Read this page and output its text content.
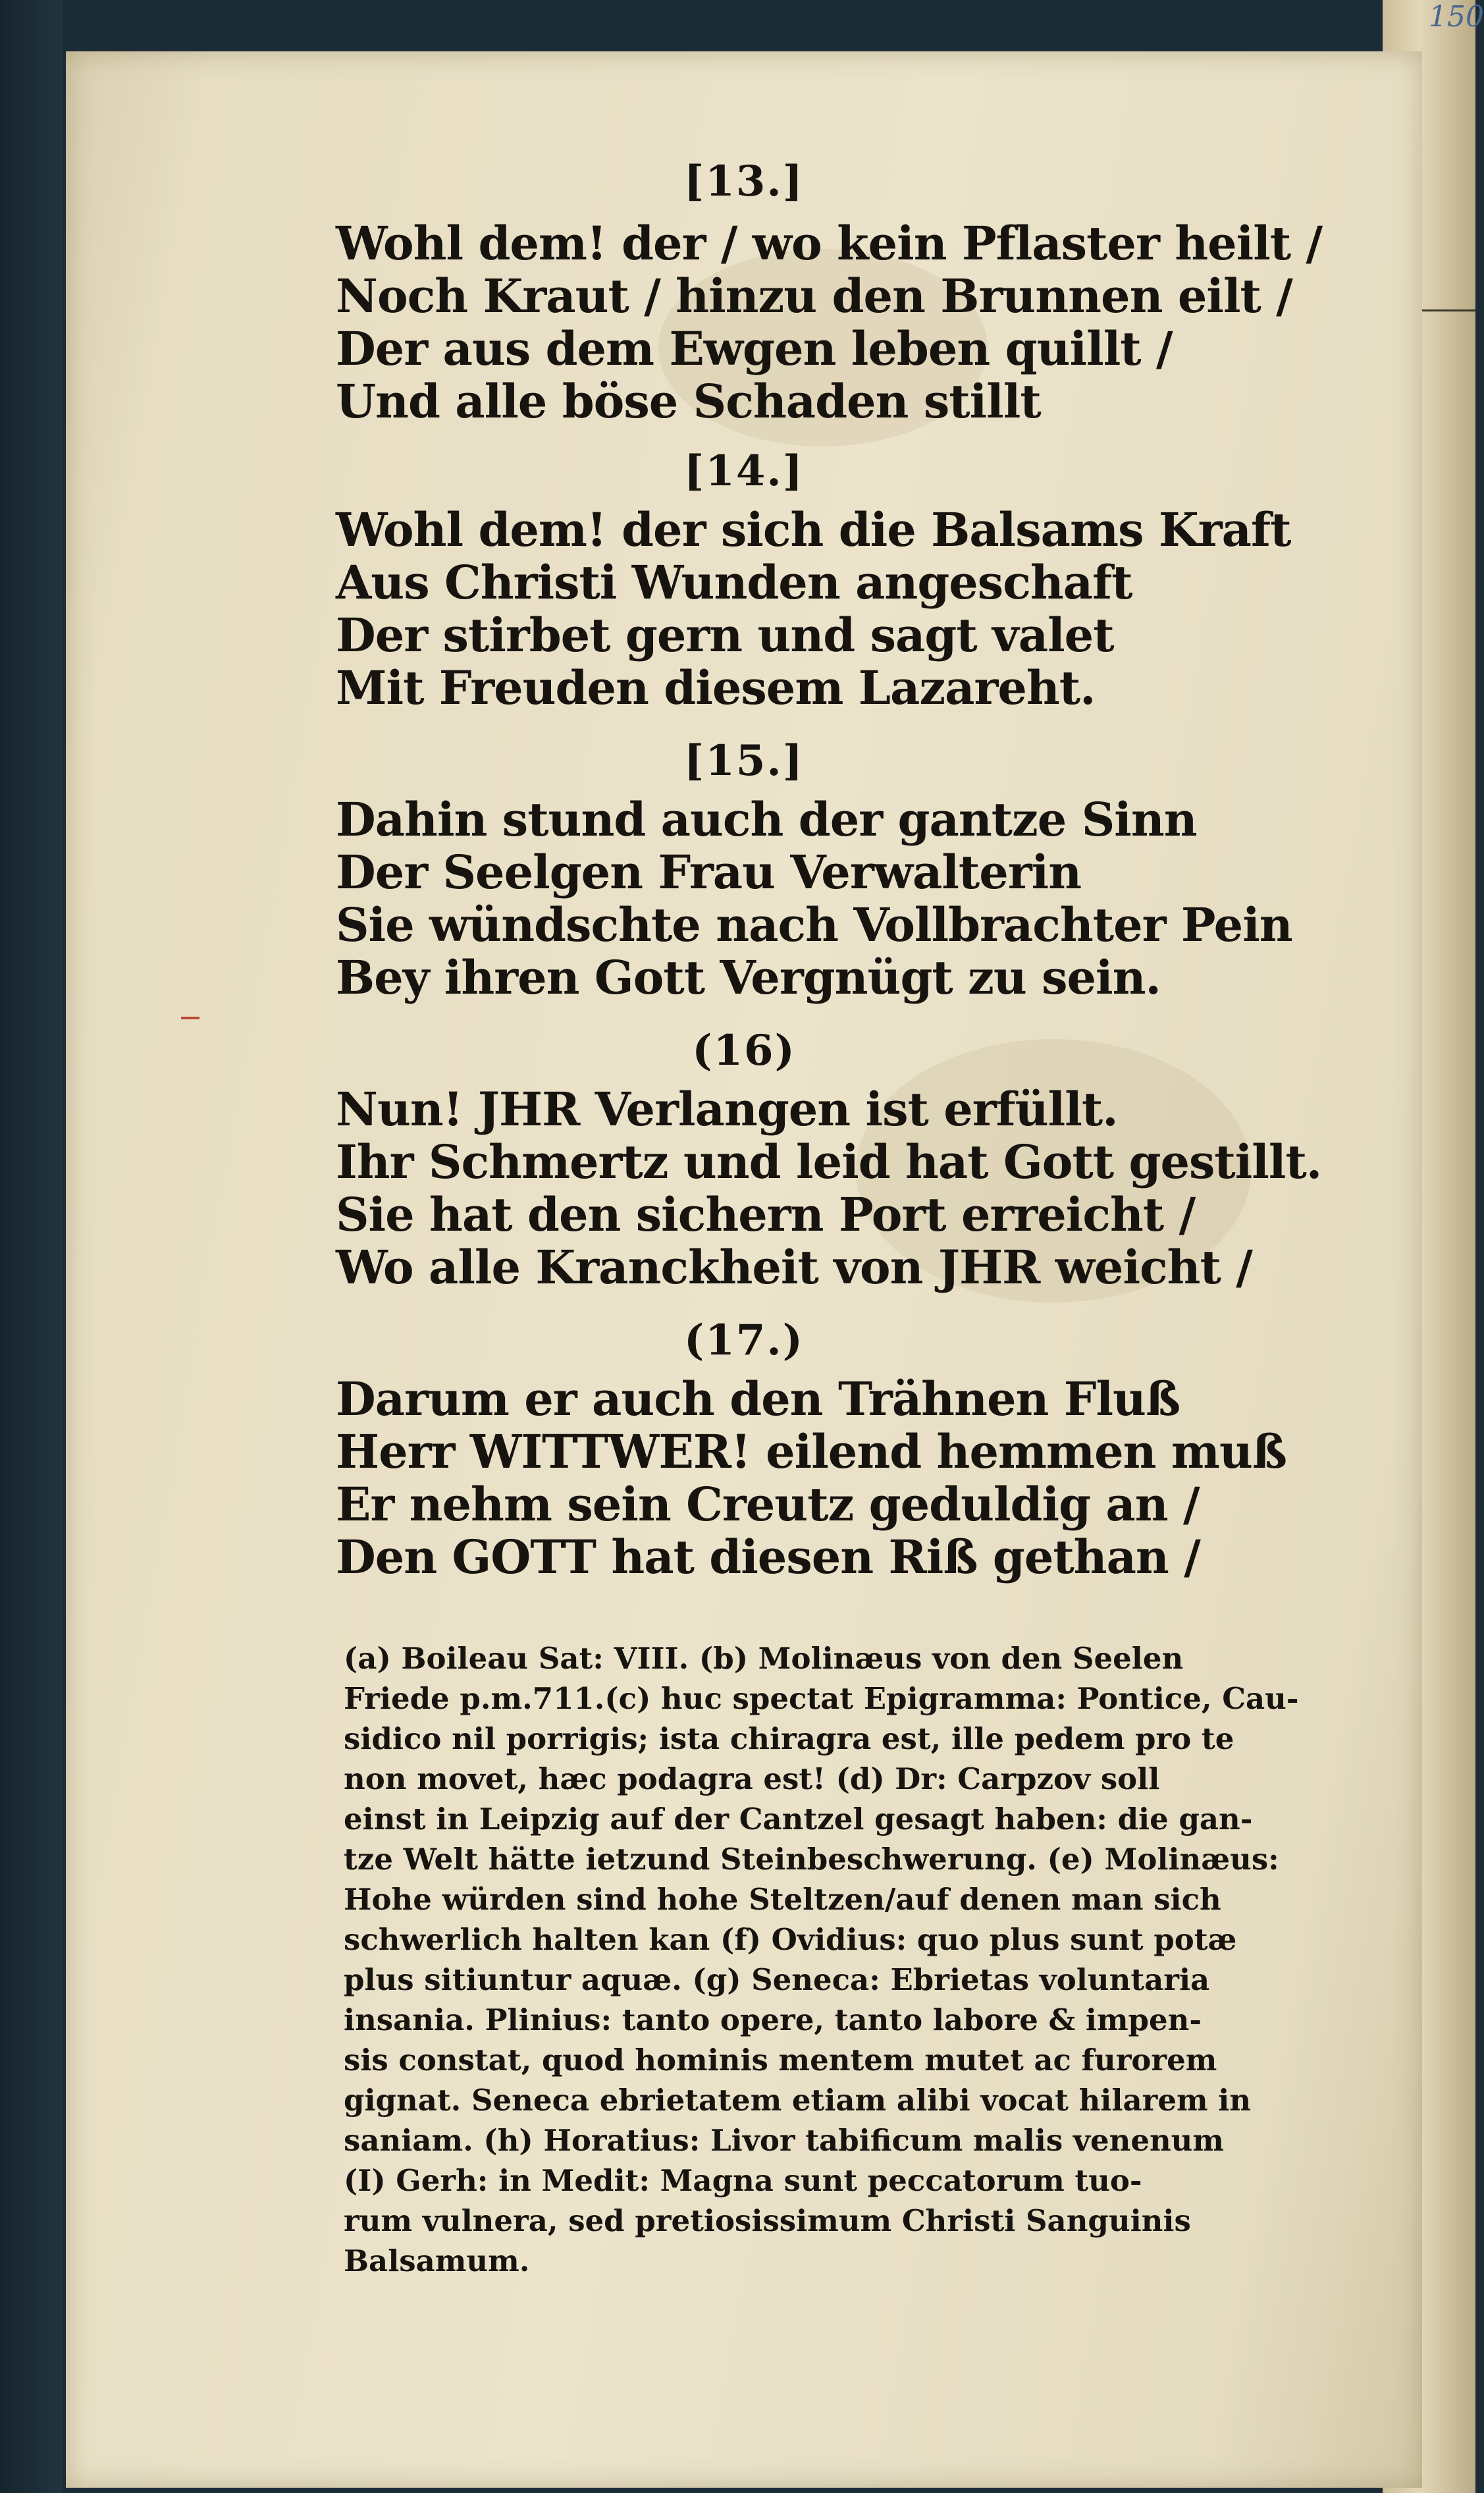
150
[13.]
Wohl dem! der / wo kein Pflaster heilt /
Noch Kraut / hinzu den Brunnen eilt /
Der aus dem Ewgen leben quillt /
Und alle böse Schaden stillt
[14.]
Wohl dem! der sich die Balsams Kraft
Aus Christi Wunden angeschaft
Der stirbet gern und sagt valet
Mit Freuden diesem Lazareht.
[15.]
Dahin stund auch der gantze Sinn
Der Seelgen Frau Verwalterin
Sie wündschte nach Vollbrachter Pein
Bey ihren Gott Vergnügt zu sein.
(16)
Nun! JHR Verlangen ist erfüllt.
Ihr Schmertz und leid hat Gott gestillt.
Sie hat den sichern Port erreicht /
Wo alle Kranckheit von JHR weicht /
(17.)
Darum er auch den Trähnen Fluß
Herr WITTWER! eilend hemmen muß
Er nehm sein Creutz geduldig an /
Den GOTT hat diesen Riß gethan /

(a) Boileau Sat: VIII. (b) Molinæus von den Seelen

Friede p.m.711.(c) huc spectat Epigramma: Pontice, Cau-

sidico nil porrigis; ista chiragra est, ille pedem pro te

non movet, hæc podagra est! (d) Dr: Carpzov soll

einst in Leipzig auf der Cantzel gesagt haben: die gan-

tze Welt hätte ietzund Steinbeschwerung. (e) Molinæus:

Hohe würden sind hohe Steltzen/auf denen man sich

schwerlich halten kan (f) Ovidius: quo plus sunt potæ

plus sitiuntur aquæ. (g) Seneca: Ebrietas voluntaria

insania. Plinius: tanto opere, tanto labore & impen-

sis constat, quod hominis mentem mutet ac furorem

gignat. Seneca ebrietatem etiam alibi vocat hilarem in

saniam. (h) Horatius: Livor tabificum malis venenum

(I) Gerh: in Medit: Magna sunt peccatorum tuo-

rum vulnera, sed pretiosissimum Christi Sanguinis

Balsamum.
